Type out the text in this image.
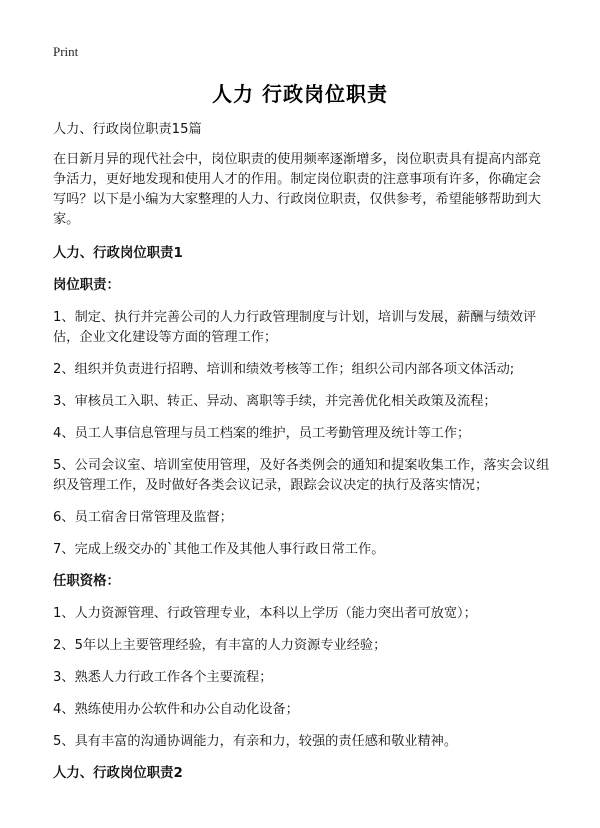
Print
人力 行政岗位职责

人力、行政岗位职责15篇

在日新月异的现代社会中，岗位职责的使用频率逐渐增多，岗位职责具有提高内部竞争活力，更好地发现和使用人才的作用。制定岗位职责的注意事项有许多，你确定会写吗？以下是小编为大家整理的人力、行政岗位职责，仅供参考，希望能够帮助到大家。

人力、行政岗位职责1

岗位职责：

1、制定、执行并完善公司的人力行政管理制度与计划，培训与发展，薪酬与绩效评估，企业文化建设等方面的管理工作；

2、组织并负责进行招聘、培训和绩效考核等工作；组织公司内部各项文体活动;

3、审核员工入职、转正、异动、离职等手续，并完善优化相关政策及流程；

4、员工人事信息管理与员工档案的维护，员工考勤管理及统计等工作；

5、公司会议室、培训室使用管理，及好各类例会的通知和提案收集工作，落实会议组织及管理工作，及时做好各类会议记录，跟踪会议决定的执行及落实情况；

6、员工宿舍日常管理及监督；

7、完成上级交办的`其他工作及其他人事行政日常工作。

任职资格：

1、人力资源管理、行政管理专业，本科以上学历（能力突出者可放宽）；

2、5年以上主要管理经验，有丰富的人力资源专业经验；

3、熟悉人力行政工作各个主要流程；

4、熟练使用办公软件和办公自动化设备；

5、具有丰富的沟通协调能力，有亲和力，较强的责任感和敬业精神。

人力、行政岗位职责2
